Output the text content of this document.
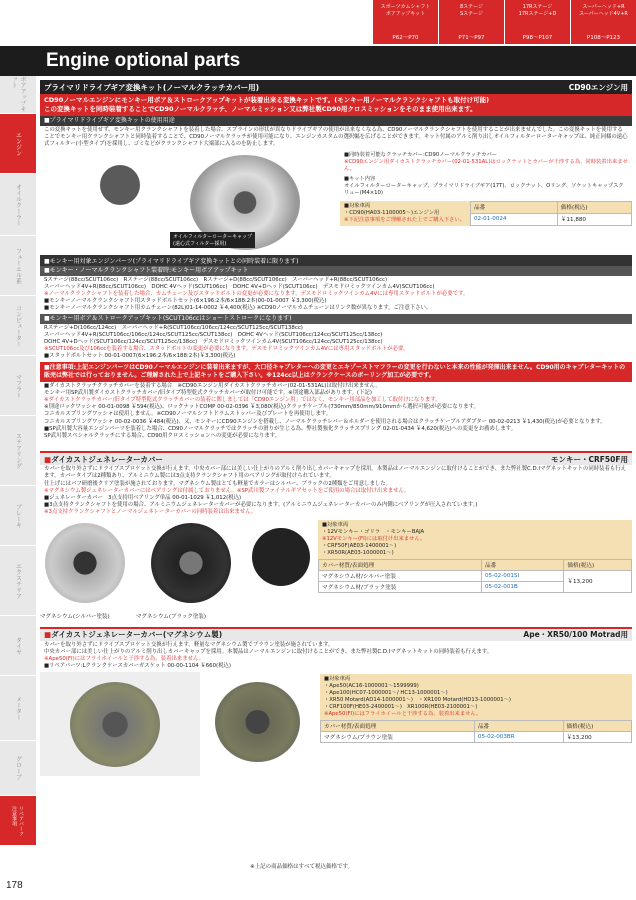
スポーツカムシャフト
ボアアップキット
P62～P70
8ステージ
Sステージ
P71～P97
17Rステージ
17Rステージ+D
P98～P107
スーパーヘッド+R
スーパーヘッド4V+R
P108～P123
Engine optional parts
ボアアップキット
エンジン
オイルクーラー
フューエル系
コンピューター
マフラー
ステアリング
ブレーキ
エクステリア
タイヤ
メーター
グローブ
リペアパーツ
注意事項
プライマリドライブギア変換キット(ノーマルクラッチカバー用)	CD90エンジン用
CD90ノーマルエンジンにモンキー用ボア＆ストロークアップキットが装着出来る変換キットです。(モンキー用ノーマルクランクシャフトも取付け可能)
この変換キットを同時装着することでCD90ノーマルクラッチ、ノーマルミッション又は弊社製CD90用クロスミッションをそのまま使用出来ます。
■プライマリドライブギア変換キットの使用用途
この変換キットを使用せず、モンキー用クランクシャフトを装着した場合、スプラインの形状が異なりドライブギアの使用が出来なくなる為、CD90ノーマルクランクシャフトを使用することが出来ませんでした。この変換キットを使用することでモンキー用クランクシャフトと同時装着することで、CD90ノーマルクラッチが使用可能になり、エンジンカスタムの選択幅を広げることができます。キット付属のアルミ削り出しオイルフィルターローターキャップは、純正同様の遠心式フィルター(小型タイプ)を採用し、ゴミなどがクランクシャフト大端部に入るのを防止します。
オイルフィルターローターキャップ
(遠心式フィルター採用)
■同時装着可能なクラッチカバー:CD90ノーマルクラッチカバー
※CD90エンジン用ダイカストクラッチカバー(02-01-531AL)はロックナットとカバーが干渉する為、同時装着出来ません。
■キット内容
オイルフィルターローターキャップ、プライマリドライブギア(17T)、ロックナット、Oリング、ソケットキャップスクリュー(M4×10)
■対象車両
・CD90(HA03-1100005～)エンジン用
※下記注意事項をご理解された上でご購入下さい。
品番	価格(税込)
02-01-0024	￥11,880
■モンキー用対象エンジンパーツ(プライマリドライブギア変換キットとの同時装着に限ります)
■モンキー・ノーマルクランクシャフト装着時:モンキー用ボアアップキット
Sステージ(88cc/SCUT106cc)　Rステージ(88cc/SCUT106cc)　Rステージ+D(88cc/SCUT106cc)　スーパーヘッド+R(88cc/SCUT106cc)
スーパーヘッド4V+R(88cc/SCUT106cc)　DOHC 4Vヘッド(SCUT106cc)　DOHC 4V+Dヘッド(SCUT106cc)　デスモドロミックツインカム4V(SCUT106cc)
※ノーマルクランクシャフトを装着した場合、カムチェーン及びスタッドボルトの変更が必要になります。デスモドロミックツインカム4Vには専用スタッドボルトが必要です。
■モンキーノーマルクランクシャフト用スタッドボルトセット(6×196:2本/6×188:2本)00-01-0007 ￥3,300(税込)
■モンキーノーマルクランクシャフト用カムチェーン(82L)01-14-0002 ￥4,400(税込) ※CD90ノーマルカムチェーンはリンク数が異なります。ご注意下さい。
■モンキー用ボア＆ストロークアップキット(SCUT106ccはショートストロークになります)
Rステージ+D(106cc/124cc)　スーパーヘッド+R(SCUT106cc/106cc/124cc/SCUT125cc/SCUT138cc)
スーパーヘッド4V+R(SCUT106cc/106cc/124cc/SCUT125cc/SCUT138cc)　DOHC 4Vヘッド(SCUT106cc/124cc/SCUT125cc/138cc)
DOHC 4V+Dヘッド(SCUT106cc/124cc/SCUT125cc/138cc)　デスモドロミックツインカム4V(SCUT106cc/124cc/SCUT125cc/138cc)
※SCUT106cc及び106ccを装着する場合、スタッドボルトの変更が必要になります。デスモドロミックツインカム4Vには専用スタッドボルトが必要。
■スタッドボルトセット 00-01-0007(6×196:2本/6×188:2本)￥3,300(税込)
■注意事項:上記エンジンパーツはCD90ノーマルエンジンに装着出来ますが、大口径キャブレターへの変更とエキゾーストマフラーの変更を行わないと本来の性能が発揮出来ません。CD90用のキャブレターキットの販売は弊社では行っておりません。ご理解された上で上記キットをご購入下さい。※124cc以上はクランクケースのボーリング加工が必要です。
■ダイカストクラッチクラッチカバーを装着する場合　※CD90エンジン用ダイカストクラッチカバー(02-01-531AL)は取付け出来ません。
モンキー用SP武川製ダイカストクラッチカバー/旧タイプ特型乾式クラッチカバーが取付け可能です。※別途購入部品があります。(下記)
※ダイカストクラッチカバー/旧タイプ特型乾式クラッチカバーの装着に関しましては「CD90エンジン用」ではなく、モンキー用部品を加工して取付けになります。
※別途ロックワッシャ 00-01-0098 ￥594(税込)、ロックナットCOMP 00-02-0396 ￥3,080(税込)クラッチケーブル(730mm/850mm/910mmから選択可能)が必要になります。
コニカルスプリングワッシャは使用しません。※CD90ノーマルシフトドラムストッパー及びプレートを再使用します。
コニカルスプリングワッシャ 00-02-0036 ￥484(税込)、又、モンキーにCD90エンジンを搭載し、ノーマルクラッチレバー＆ホルダーを使用される場合はクラッチケーブルアダプター 00-02-0213 ￥1,430(税込)が必要となります。
■SP武川製大容量エンジンパーツを装着した場合、CD90ノーマルクラッチではクラッチの滑りが生じる為、弊社製強化クラッチスプリング 02-01-0434 ￥4,620(税込)への変更をお薦めします。
SP武川製スペシャルクラッチにする場合、CD90用クロスミッションへの変更が必要になります。
■ダイカストジェネレーターカバー	モンキー・CRF50F用
カバーを取り外さずにドライブスプロケット交換が行えます。中央カバー部には美しい仕上がりのアルミ削り出しカバーキャップを採用。本製品はノーマルエンジンに取付けることができ、また弊社製C.D.Iマグネットキットの同時装着も行えます。カバータイプは2種類あり、アルミニウム製には3点支持クランクシャフト用のベアリングが取付けられています。
仕上げにはバフ研磨後クリア塗装が施されております。マグネシウム製はとても軽量でカラーはシルバー、ブラックの2種類をご用意しました。
※マグネシウム製ジェネレーターカバーにはベアリングは付属しておりません。※SP武川製ファイナルギアセットをご使用の場合は取付け出来ません。
■ジェネレーターカバー　3点支持用ベアリング単品 00-01-1029 ￥1,012(税込)
■3点支持クランクシャフトを使用の場合、アルミニウムジェネレーターカバーが必要になります。(アルミニウムジェネレーターカバーのみ内側にベアリングが圧入されています。)
※3点支持クランクシャフトとノーマルジェネレーターカバーの同時装着は出来ません。
マグネシウム(シルバー塗装)	マグネシウム(ブラック塗装)
■対象車両
・12Vモンキー・ゴリラ　・モンキーBAJA
※12Vモンキー(FI)には取付け出来ません。
・CRF50F(AE03-1400001～)
・XR50R(AE03-1000001～)
カバー材質/表面処理	品番	価格(税込)
マグネシウム材/シルバー塗装	05-02-001SI	￥13,200
マグネシウム材/ブラック塗装	05-02-001B	
■ダイカストジェネレーターカバー(マグネシウム製)	Ape・XR50/100 Motrad用
カバーを取り外さずにドライブスプロケット交換が行えます。軽量なマグネシウム製でブラウン塗装が施されています。
中央カバー部には美しい仕上がりのアルミ削り出しカバーキャップを採用。本製品はノーマルエンジンに取付けることができ、また弊社製C.D.Iマグネットキットの同時装着も行えます。
※Ape50(FI)にはフライホイールと干渉する為、装着出来ません。
■リペアパーツ:Lクランクケースカバーガスケット 00-00-1104 ￥660(税込)
■対象車両
・Ape50(AC16-1000001～1599999)
・Ape100(HC07-1000001～/ HC13-1000001～)
・XR50 Motard(AD14-1000001～)　・XR100 Motard(HD13-1000001～)
・CRF100F(HE03-2400001～)　XR100R(HE03-2100001～)
※Ape50(FI)にはフライホイールと干渉する為、装着出来ません。
カバー材質/表面処理	品番	価格(税込)
マグネシウム/ブラウン塗装	05-02-003BR	￥13,200
※上記の商品価格はすべて税込価格です。
178
